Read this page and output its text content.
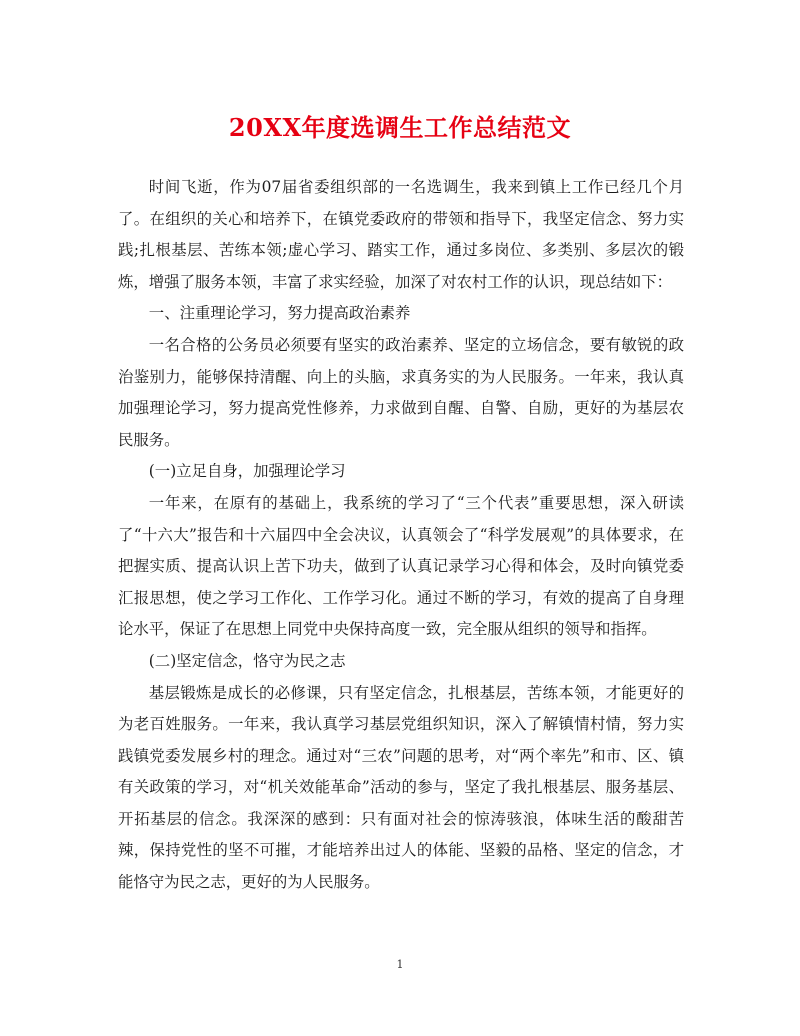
20XX年度选调生工作总结范文

时间飞逝，作为07届省委组织部的一名选调生，我来到镇上工作已经几个月了。在组织的关心和培养下，在镇党委政府的带领和指导下，我坚定信念、努力实践;扎根基层、苦练本领;虚心学习、踏实工作，通过多岗位、多类别、多层次的锻炼，增强了服务本领，丰富了求实经验，加深了对农村工作的认识，现总结如下：

一、注重理论学习，努力提高政治素养

一名合格的公务员必须要有坚实的政治素养、坚定的立场信念，要有敏锐的政治鉴别力，能够保持清醒、向上的头脑，求真务实的为人民服务。一年来，我认真加强理论学习，努力提高党性修养，力求做到自醒、自警、自励，更好的为基层农民服务。

(一)立足自身，加强理论学习

一年来，在原有的基础上，我系统的学习了“三个代表”重要思想，深入研读了“十六大”报告和十六届四中全会决议，认真领会了“科学发展观”的具体要求，在把握实质、提高认识上苦下功夫，做到了认真记录学习心得和体会，及时向镇党委汇报思想，使之学习工作化、工作学习化。通过不断的学习，有效的提高了自身理论水平，保证了在思想上同党中央保持高度一致，完全服从组织的领导和指挥。

(二)坚定信念，恪守为民之志

基层锻炼是成长的必修课，只有坚定信念，扎根基层，苦练本领，才能更好的为老百姓服务。一年来，我认真学习基层党组织知识，深入了解镇情村情，努力实践镇党委发展乡村的理念。通过对“三农”问题的思考，对“两个率先”和市、区、镇有关政策的学习，对“机关效能革命”活动的参与，坚定了我扎根基层、服务基层、开拓基层的信念。我深深的感到：只有面对社会的惊涛骇浪，体味生活的酸甜苦辣，保持党性的坚不可摧，才能培养出过人的体能、坚毅的品格、坚定的信念，才能恪守为民之志，更好的为人民服务。

1
